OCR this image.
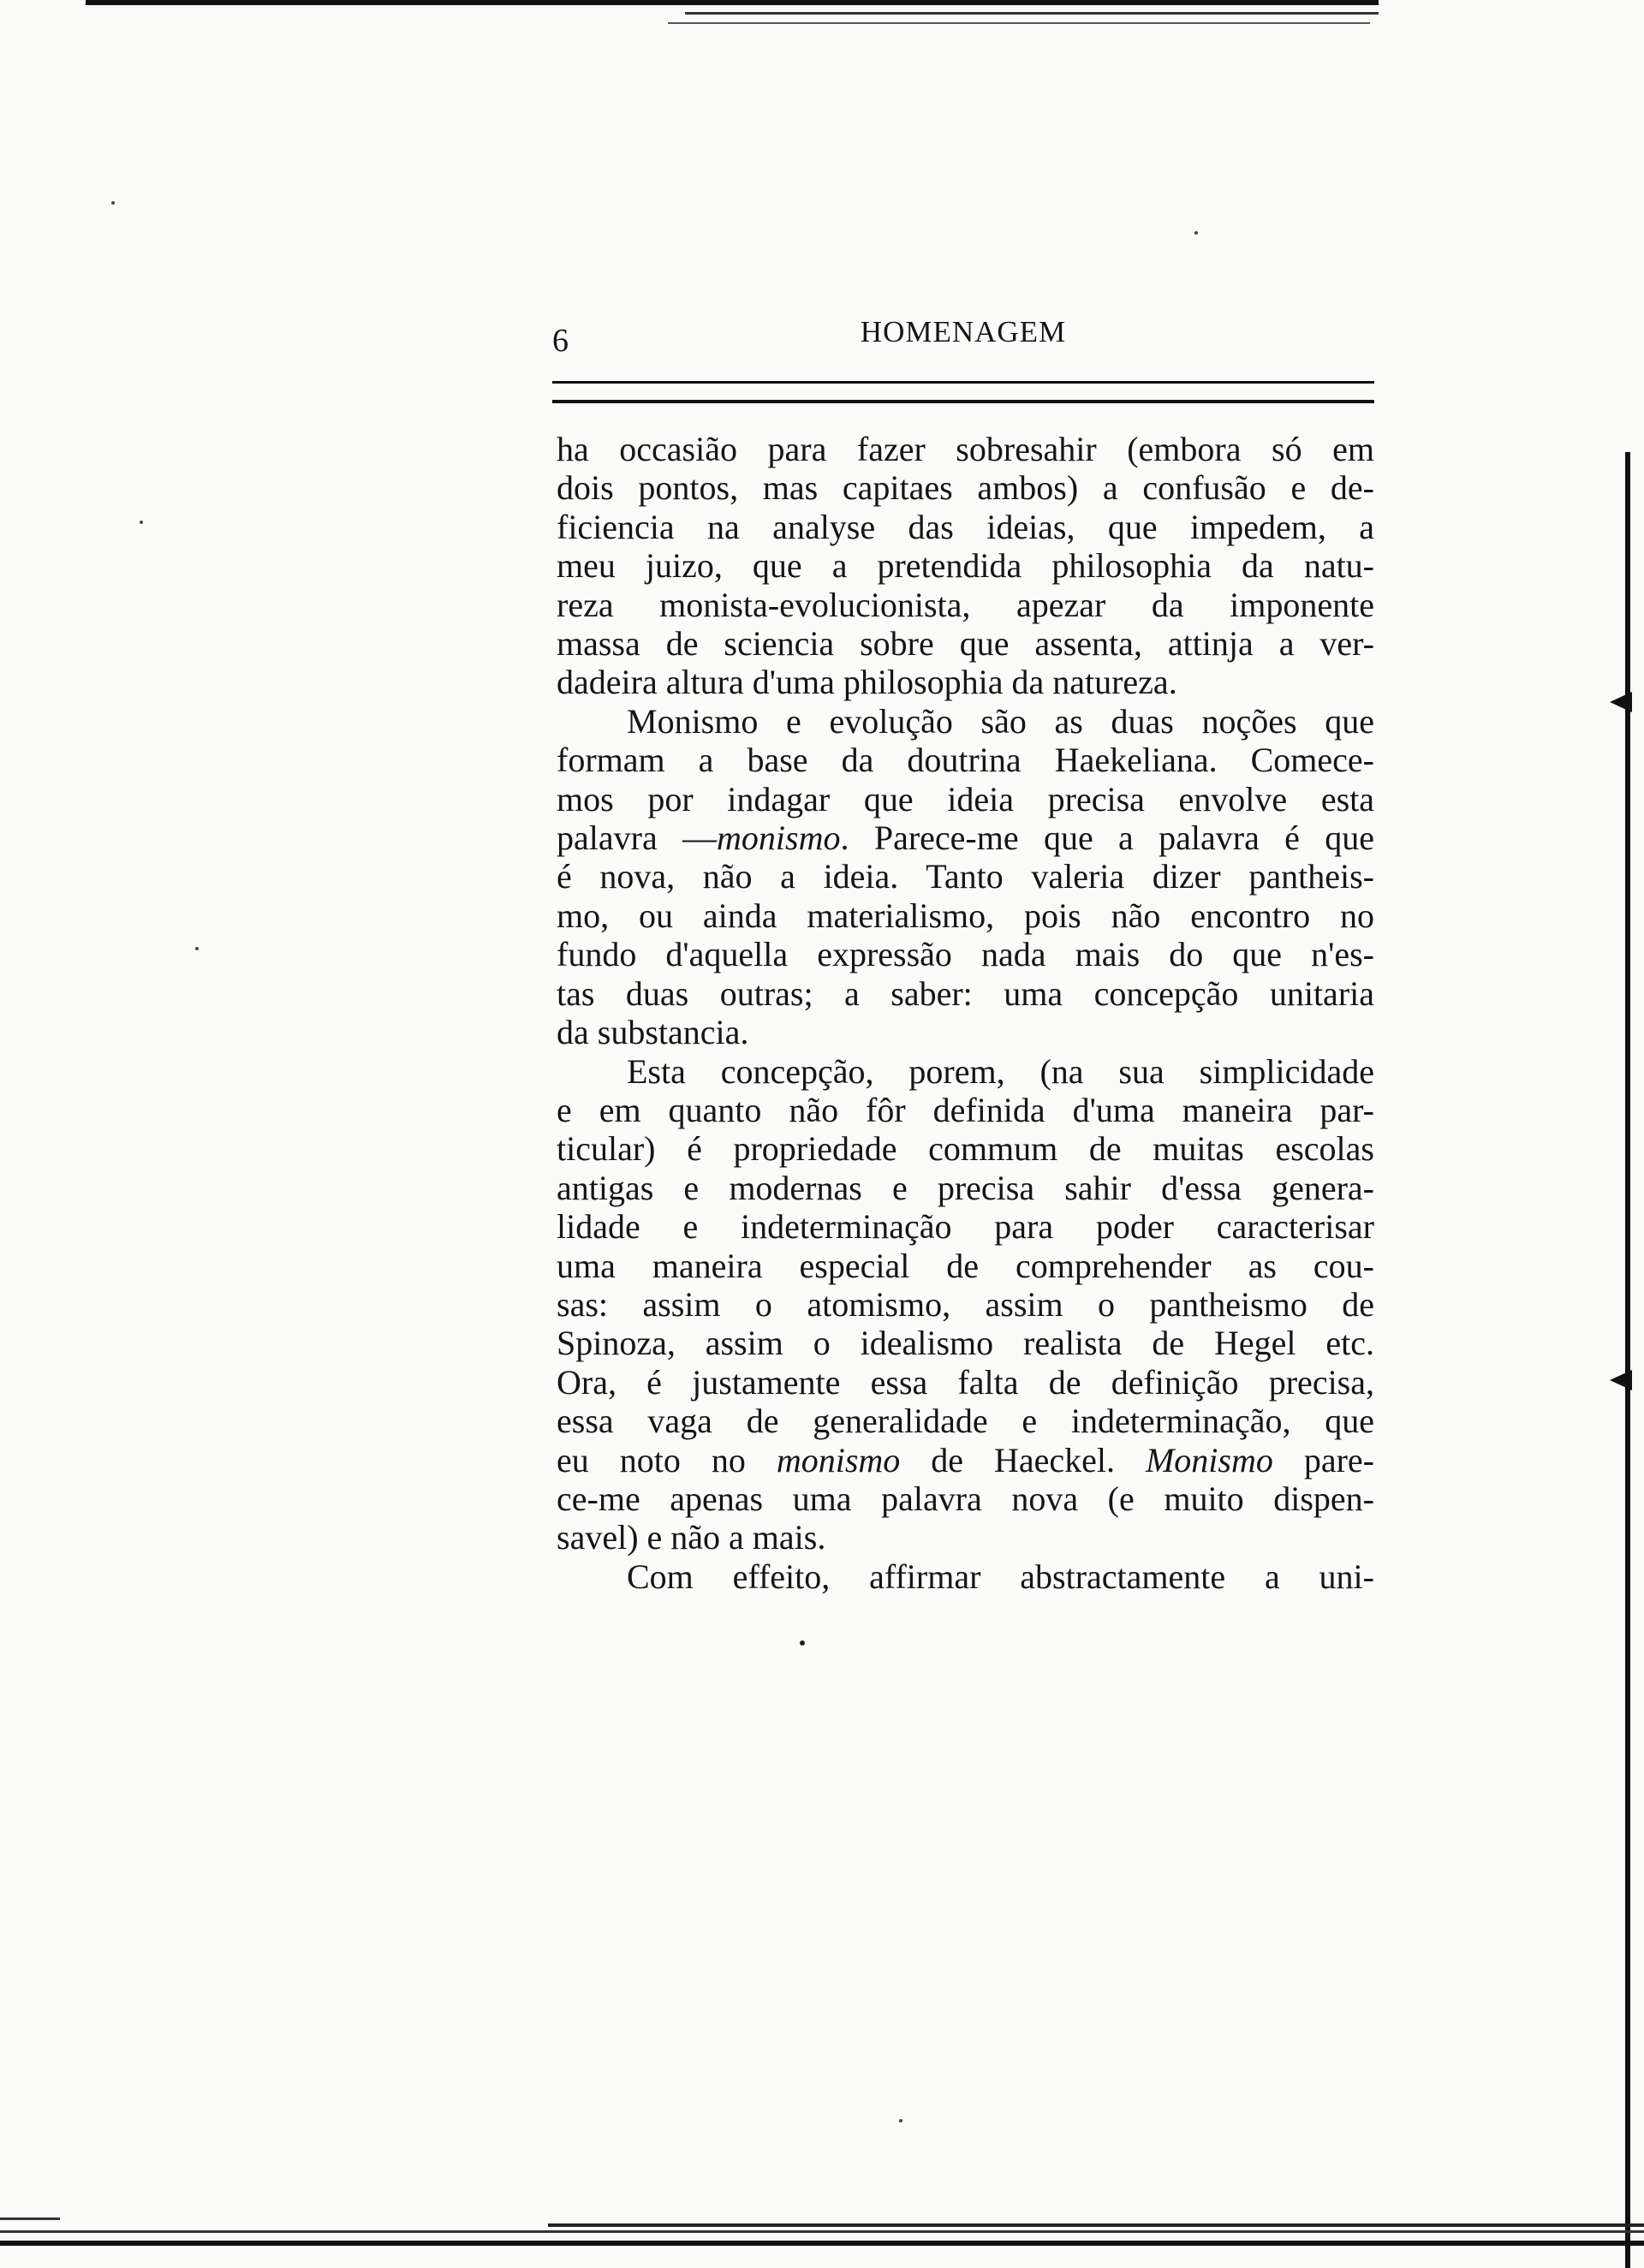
6	HOMENAGEM
ha occasião para fazer sobresahir (embora só em
dois pontos, mas capitaes ambos) a confusão e de-
ficiencia na analyse das ideias, que impedem, a
meu juizo, que a pretendida philosophia da natu-
reza monista-evolucionista, apezar da imponente
massa de sciencia sobre que assenta, attinja a ver-
dadeira altura d'uma philosophia da natureza.
Monismo e evolução são as duas noções que
formam a base da doutrina Haekeliana. Comece-
mos por indagar que ideia precisa envolve esta
palavra —monismo. Parece-me que a palavra é que
é nova, não a ideia. Tanto valeria dizer pantheis-
mo, ou ainda materialismo, pois não encontro no
fundo d'aquella expressão nada mais do que n'es-
tas duas outras; a saber: uma concepção unitaria
da substancia.
Esta concepção, porem, (na sua simplicidade
e em quanto não fôr definida d'uma maneira par-
ticular) é propriedade commum de muitas escolas
antigas e modernas e precisa sahir d'essa genera-
lidade e indeterminação para poder caracterisar
uma maneira especial de comprehender as cou-
sas: assim o atomismo, assim o pantheismo de
Spinoza, assim o idealismo realista de Hegel etc.
Ora, é justamente essa falta de definição precisa,
essa vaga de generalidade e indeterminação, que
eu noto no monismo de Haeckel. Monismo pare-
ce-me apenas uma palavra nova (e muito dispen-
savel) e não a mais.
Com effeito, affirmar abstractamente a uni-
